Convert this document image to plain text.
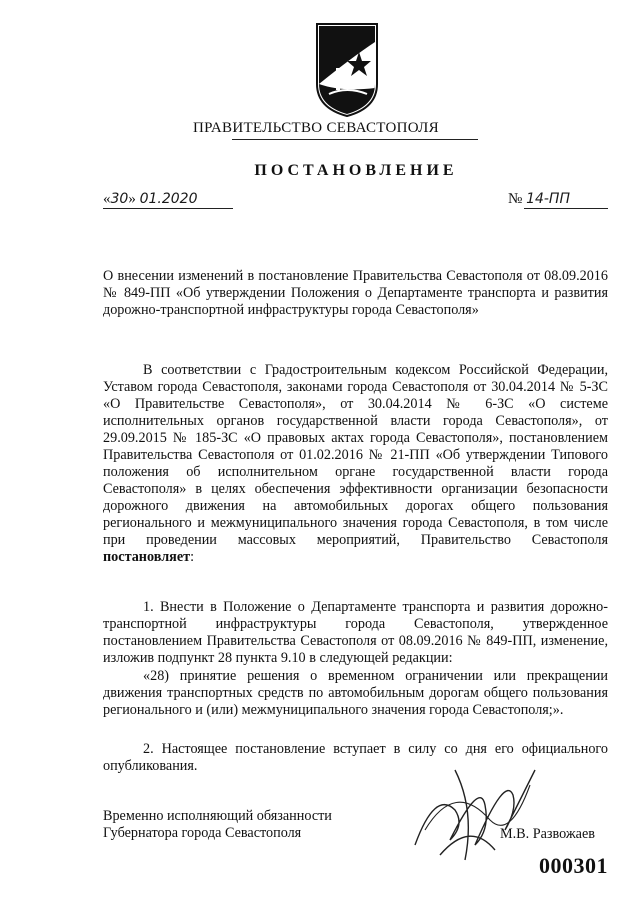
ПРАВИТЕЛЬСТВО СЕВАСТОПОЛЯ
ПОСТАНОВЛЕНИЕ
«30» 01.2020	№ 14-ПП
О внесении изменений в постановление Правительства Севастополя от 08.09.2016 № 849-ПП «Об утверждении Положения о Департаменте транспорта и развития дорожно-транспортной инфраструктуры города Севастополя»
В соответствии с Градостроительным кодексом Российской Федерации, Уставом города Севастополя, законами города Севастополя от 30.04.2014 № 5-ЗС «О Правительстве Севастополя», от 30.04.2014 № 6-ЗС «О системе исполнительных органов государственной власти города Севастополя», от 29.09.2015 № 185-ЗС «О правовых актах города Севастополя», постановлением Правительства Севастополя от 01.02.2016 № 21-ПП «Об утверждении Типового положения об исполнительном органе государственной власти города Севастополя» в целях обеспечения эффективности организации безопасности дорожного движения на автомобильных дорогах общего пользования регионального и межмуниципального значения города Севастополя, в том числе при проведении массовых мероприятий, Правительство Севастополя постановляет:
1. Внести в Положение о Департаменте транспорта и развития дорожно-транспортной инфраструктуры города Севастополя, утвержденное постановлением Правительства Севастополя от 08.09.2016 № 849-ПП, изменение, изложив подпункт 28 пункта 9.10 в следующей редакции:
«28) принятие решения о временном ограничении или прекращении движения транспортных средств по автомобильным дорогам общего пользования регионального и (или) межмуниципального значения города Севастополя;».
2. Настоящее постановление вступает в силу со дня его официального опубликования.
Временно исполняющий обязанности
Губернатора города Севастополя	М.В. Развожаев
000301
